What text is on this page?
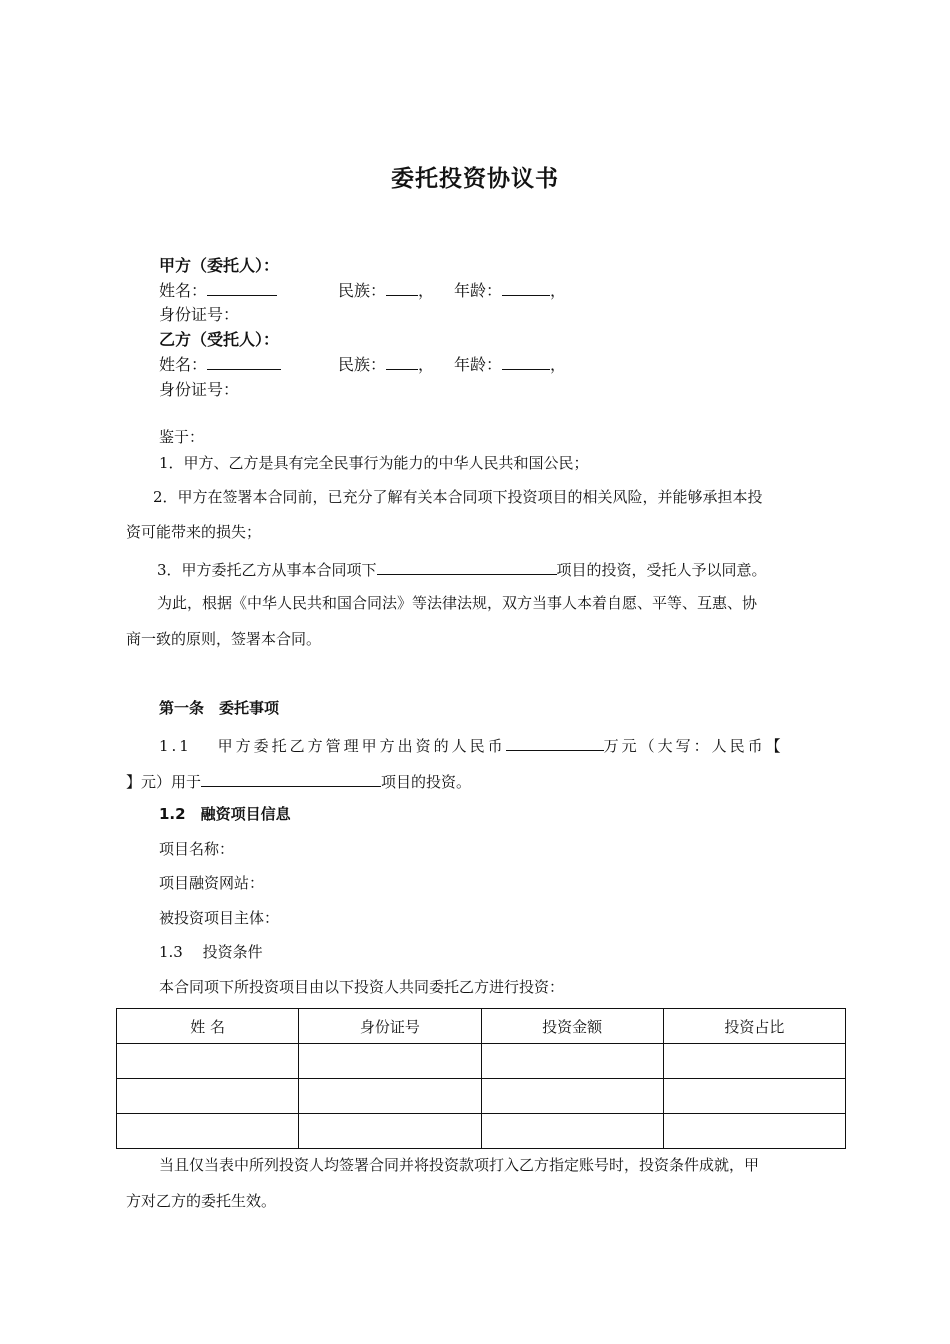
委托投资协议书
甲方（委托人）：
姓名：	民族： ， 年龄：	，
身份证号：
乙方（受托人）：
姓名：	民族： ， 年龄：	，
身份证号：
鉴于：
1．甲方、乙方是具有完全民事行为能力的中华人民共和国公民；
2．甲方在签署本合同前，已充分了解有关本合同项下投资项目的相关风险，并能够承担本投
资可能带来的损失；
3．甲方委托乙方从事本合同项下	项目的投资，受托人予以同意。
为此，根据《中华人民共和国合同法》等法律法规，双方当事人本着自愿、平等、互惠、协
商一致的原则，签署本合同。
第一条　委托事项
1.1　 甲方委托乙方管理甲方出资的人民币	万元（大写：人民币【
】元）用于	项目的投资。
1.2　融资项目信息
项目名称：
项目融资网站：
被投资项目主体：
1.3　 投资条件
本合同项下所投资项目由以下投资人共同委托乙方进行投资：
姓 名	身份证号	投资金额	投资占比

当且仅当表中所列投资人均签署合同并将投资款项打入乙方指定账号时，投资条件成就，甲
方对乙方的委托生效。
